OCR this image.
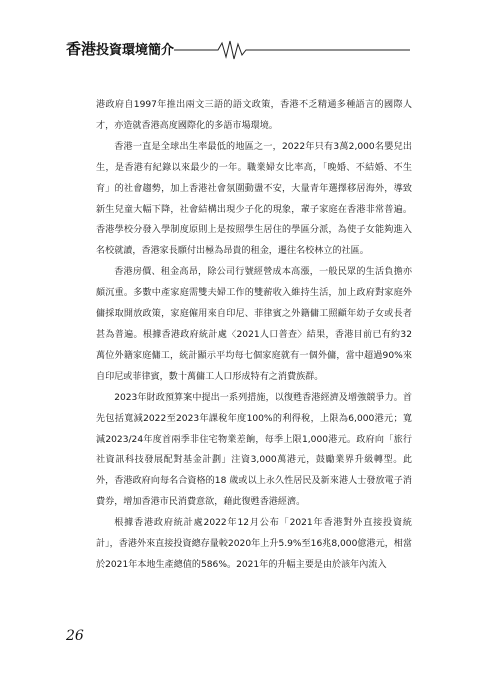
香港投資環境簡介

港政府自1997年推出兩文三語的語文政策，香港不乏精通多種語言的國際人才，亦造就香港高度國際化的多語市場環境。

香港一直是全球出生率最低的地區之一，2022年只有3萬2,000名嬰兒出生，是香港有紀錄以來最少的一年。職業婦女比率高，「晚婚、不結婚、不生育」的社會趨勢，加上香港社會氛圍動盪不安，大量青年選擇移居海外，導致新生兒童大幅下降，社會結構出現少子化的現象，輩子家庭在香港非常普遍。香港學校分發入學制度原則上是按照學生居住的學區分派，為使子女能夠進入名校就讀，香港家長願付出極為昂貴的租金，遷往名校林立的社區。

香港房價、租金高昂，除公司行號經營成本高漲，一般民眾的生活負擔亦頗沉重。多數中產家庭需雙夫婦工作的雙薪收入維持生活，加上政府對家庭外傭採取開放政策，家庭僱用來自印尼、菲律賓之外籍傭工照顧年幼子女或長者甚為普遍。根據香港政府統計處〈2021人口普查〉結果，香港目前已有約32萬位外籍家庭傭工，統計顯示平均每七個家庭就有一個外傭，當中超過90%來自印尼或菲律賓，數十萬傭工人口形成特有之消費族群。

2023年財政預算案中提出一系列措施，以復甦香港經濟及增強競爭力。首先包括寬減2022至2023年課稅年度100%的利得稅，上限為6,000港元；寬減2023/24年度首兩季非住宅物業差餉，每季上限1,000港元。政府向「旅行社資訊科技發展配對基金計劃」注資3,000萬港元，鼓勵業界升級轉型。此外，香港政府向每名合資格的18 歲或以上永久性居民及新來港人士發放電子消費券，增加香港市民消費意欲，藉此復甦香港經濟。

根據香港政府統計處2022年12月公布「2021年香港對外直接投資統計」，香港外來直接投資總存量較2020年上升5.9%至16兆8,000億港元，相當於2021年本地生產總值的586%。2021年的升幅主要是由於該年內流入

26
